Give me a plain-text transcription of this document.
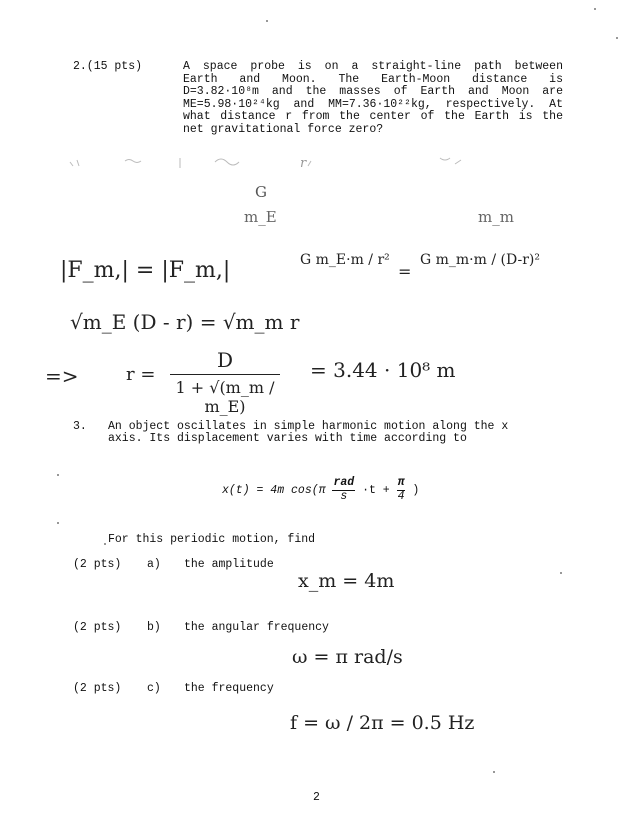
2.(15 pts)	A space probe is on a straight-line path between
Earth and Moon. The Earth-Moon distance is
D=3.82·10⁸m and the masses of Earth and Moon are
ME=5.98·10²⁴kg and MM=7.36·10²²kg, respectively. At
what distance r from the center of the Earth is the
net gravitational force zero?
r
G
m_E	m_m
|F_m,| = |F_m,|	G m_E·m / r²
=
G m_m·m / (D-r)²
√m_E (D - r) = √m_m r
=>	r =
D
1 + √(m_m / m_E)
= 3.44 · 10⁸ m
3. An object oscillates in simple harmonic motion along the x
axis. Its displacement varies with time according to
x(t) = 4m $\cos(\pi \frac{\text{rad}}{s} \cdot t + \frac{\pi}{4}$ )
For this periodic motion, find
(2 pts) a) the amplitude
x_m = 4m
(2 pts) b) the angular frequency
ω = π rad/s
(2 pts) c) the frequency
f = ω / 2π = 0.5 Hz
2
